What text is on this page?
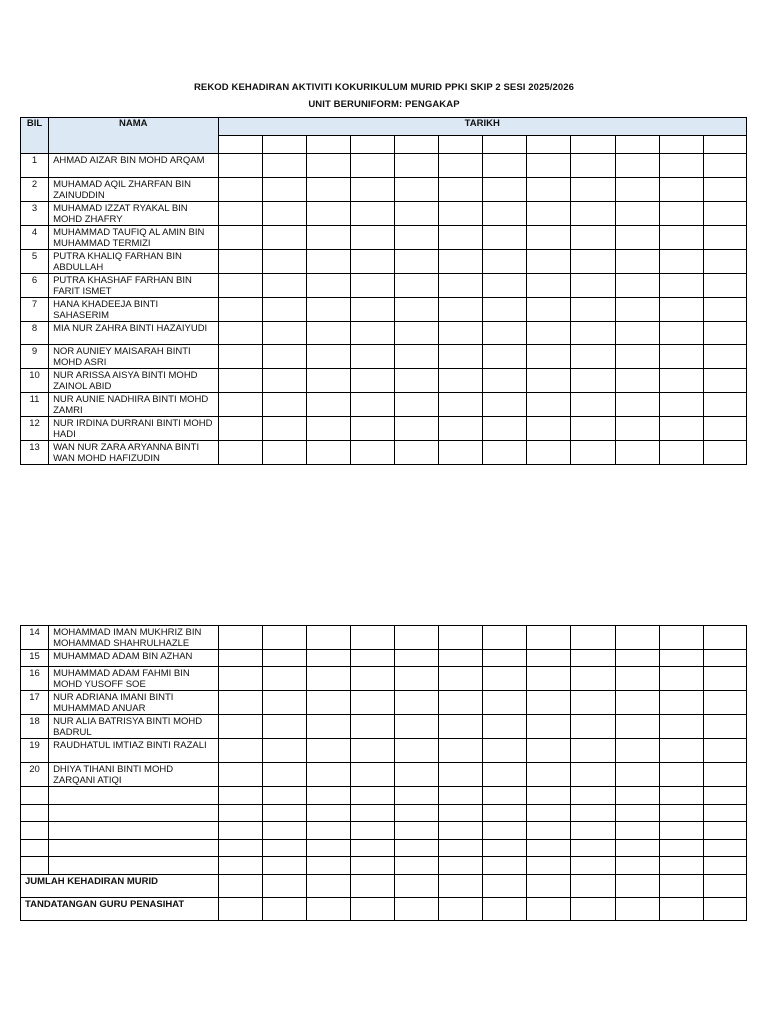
REKOD KEHADIRAN AKTIVITI KOKURIKULUM MURID PPKI SKIP 2 SESI 2025/2026
UNIT BERUNIFORM: PENGAKAP
BIL	NAMA	TARIKH											

1	AHMAD AIZAR BIN MOHD ARQAM												
2	MUHAMAD AQIL ZHARFAN BIN ZAINUDDIN												
3	MUHAMAD IZZAT RYAKAL BIN MOHD ZHAFRY												
4	MUHAMMAD TAUFIQ AL AMIN BIN MUHAMMAD TERMIZI												
5	PUTRA KHALIQ FARHAN BIN ABDULLAH												
6	PUTRA KHASHAF FARHAN BIN FARIT ISMET												
7	HANA KHADEEJA BINTI SAHASERIM												
8	MIA NUR ZAHRA BINTI HAZAIYUDI												
9	NOR AUNIEY MAISARAH BINTI MOHD ASRI												
10	NUR ARISSA AISYA BINTI MOHD ZAINOL ABID												
11	NUR AUNIE NADHIRA BINTI MOHD ZAMRI												
12	NUR IRDINA DURRANI BINTI MOHD HADI												
13	WAN NUR ZARA ARYANNA BINTI WAN MOHD HAFIZUDIN												
14	MOHAMMAD IMAN MUKHRIZ BIN MOHAMMAD SHAHRULHAZLE												
15	MUHAMMAD ADAM BIN AZHAN												
16	MUHAMMAD ADAM FAHMI BIN MOHD YUSOFF SOE												
17	NUR ADRIANA IMANI BINTI MUHAMMAD ANUAR												
18	NUR ALIA BATRISYA BINTI MOHD BADRUL												
19	RAUDHATUL IMTIAZ BINTI RAZALI												
20	DHIYA TIHANI BINTI MOHD ZARQANI ATIQI												

JUMLAH KEHADIRAN MURID													
TANDATANGAN GURU PENASIHAT													
